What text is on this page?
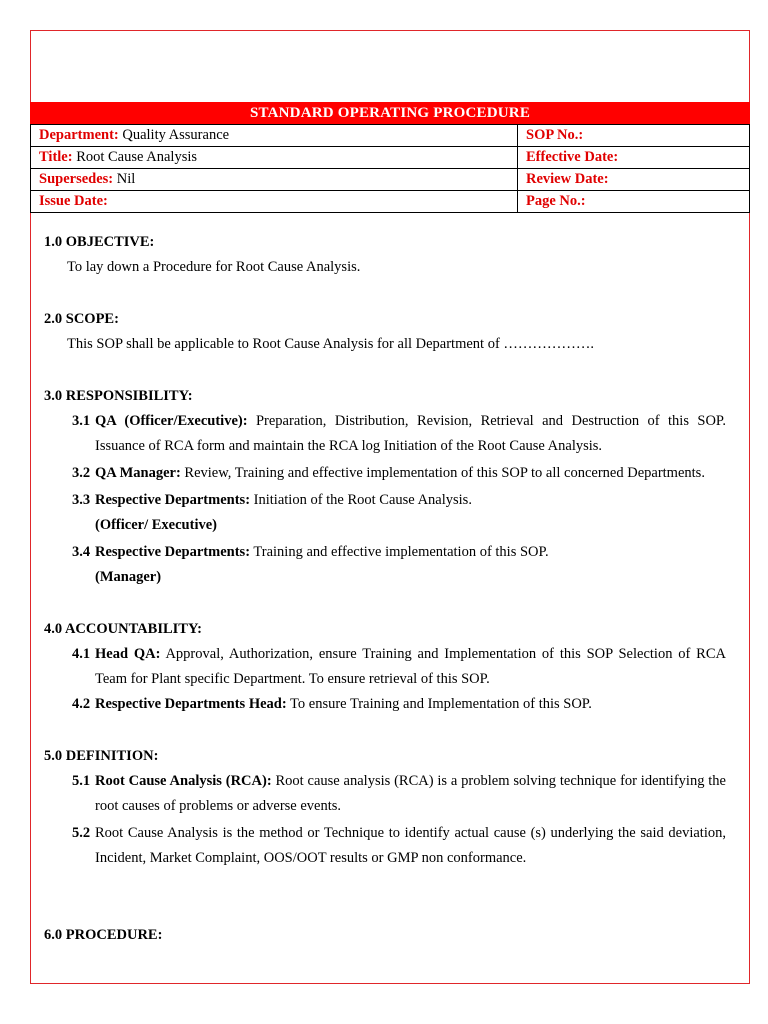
STANDARD OPERATING PROCEDURE
Department: Quality Assurance	SOP No.:
Title: Root Cause Analysis	Effective Date:
Supersedes: Nil	Review Date:
Issue Date:	Page No.:

1.0 OBJECTIVE:

To lay down a Procedure for Root Cause Analysis.

2.0 SCOPE:

This SOP shall be applicable to Root Cause Analysis for all Department of ……………….

3.0 RESPONSIBILITY:

3.1 QA (Officer/Executive): Preparation, Distribution, Revision, Retrieval and Destruction of this SOP. Issuance of RCA form and maintain the RCA log Initiation of the Root Cause Analysis.
3.2 QA Manager: Review, Training and effective implementation of this SOP to all concerned Departments.
3.3 Respective Departments: Initiation of the Root Cause Analysis.
(Officer/ Executive)
3.4 Respective Departments: Training and effective implementation of this SOP.
(Manager)

4.0 ACCOUNTABILITY:

4.1 Head QA: Approval, Authorization, ensure Training and Implementation of this SOP Selection of RCA Team for Plant specific Department. To ensure retrieval of this SOP.
4.2 Respective Departments Head: To ensure Training and Implementation of this SOP.

5.0 DEFINITION:

5.1 Root Cause Analysis (RCA): Root cause analysis (RCA) is a problem solving technique for identifying the root causes of problems or adverse events.
5.2 Root Cause Analysis is the method or Technique to identify actual cause (s) underlying the said deviation, Incident, Market Complaint, OOS/OOT results or GMP non conformance.

6.0 PROCEDURE:
